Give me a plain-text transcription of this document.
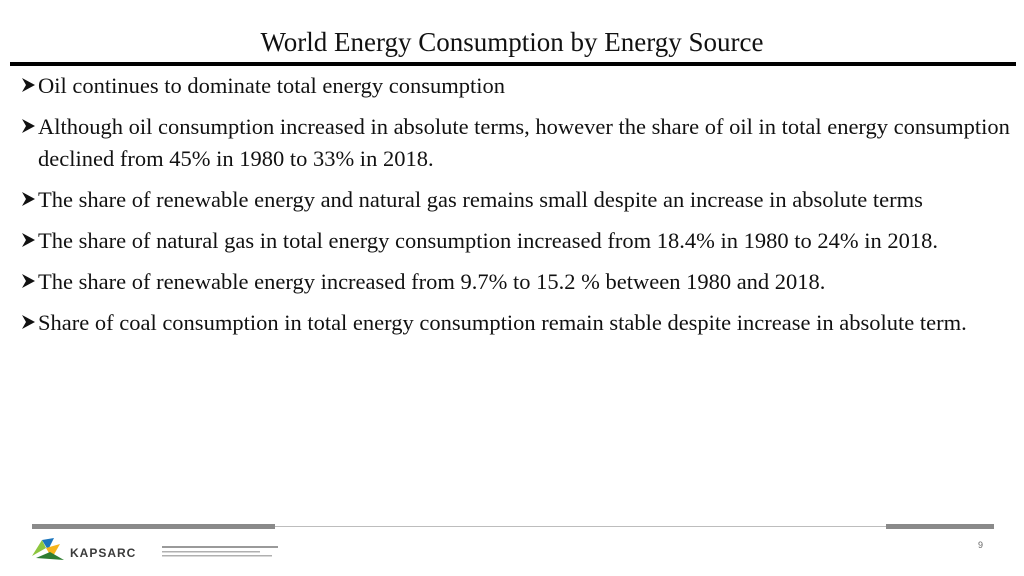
World Energy Consumption by Energy Source
Oil continues to dominate total energy consumption
Although oil consumption increased in absolute terms, however the share of oil in total energy consumption declined from 45% in 1980 to 33% in 2018.
The share of renewable energy and natural gas remains small despite an increase in absolute terms
The share of natural gas in total energy consumption increased from 18.4% in 1980 to 24% in 2018.
The share of renewable energy increased from 9.7% to 15.2 % between 1980 and 2018.
Share of coal consumption in total energy consumption remain stable despite increase in absolute term.
KAPSARC
9
